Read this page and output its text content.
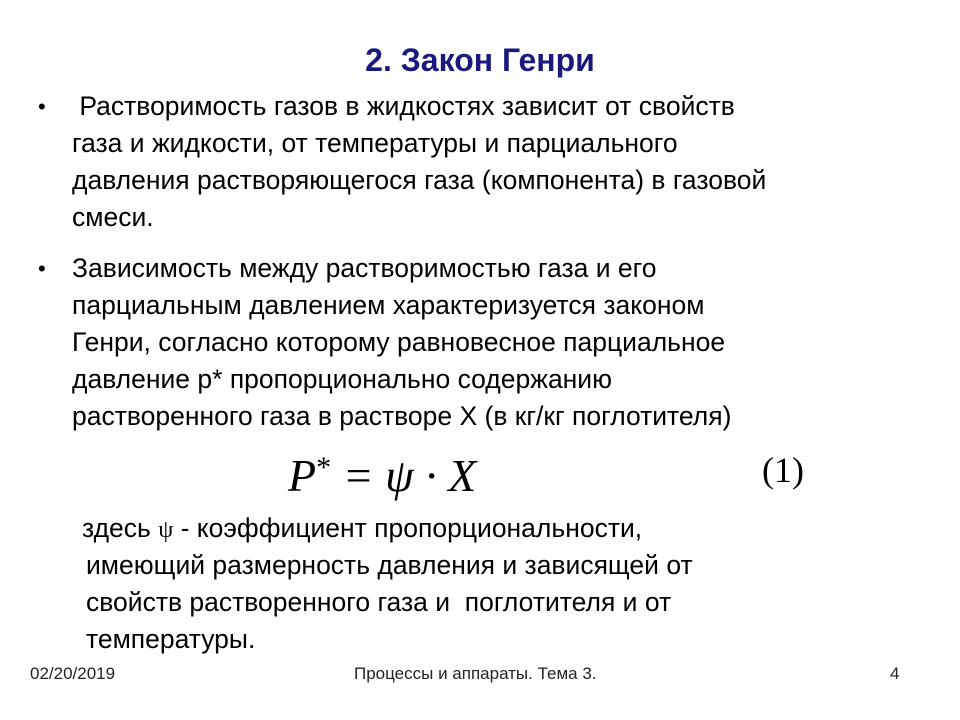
2. Закон Генри
• Растворимость газов в жидкостях зависит от свойств
газа и жидкости, от температуры и парциального
давления растворяющегося газа (компонента) в газовой
смеси.
• Зависимость между растворимостью газа и его
парциальным давлением характеризуется законом
Генри, согласно которому равновесное парциальное
давление р* пропорционально содержанию
растворенного газа в растворе Х (в кг/кг поглотителя)
P* = ψ · X	(1)
здесь ψ - коэффициент пропорциональности,
имеющий размерность давления и зависящей от
свойств растворенного газа и  поглотителя и от
температуры.
02/20/2019	Процессы и аппараты. Тема 3.	4
